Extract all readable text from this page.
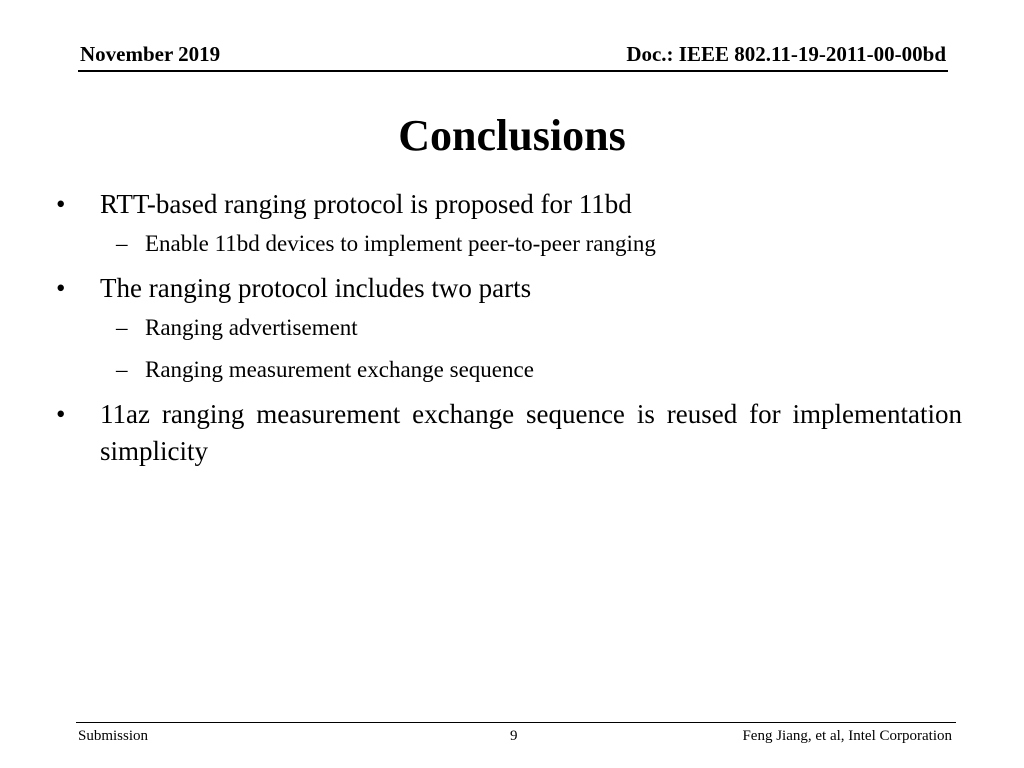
November 2019	Doc.: IEEE 802.11-19-2011-00-00bd
Conclusions
•	RTT-based ranging protocol is proposed for 11bd
– Enable 11bd devices to implement peer-to-peer ranging
•	The ranging protocol includes two parts
– Ranging advertisement
– Ranging measurement exchange sequence
•	11az ranging measurement exchange sequence is reused for implementation simplicity
Submission	9	Feng Jiang, et al, Intel Corporation
